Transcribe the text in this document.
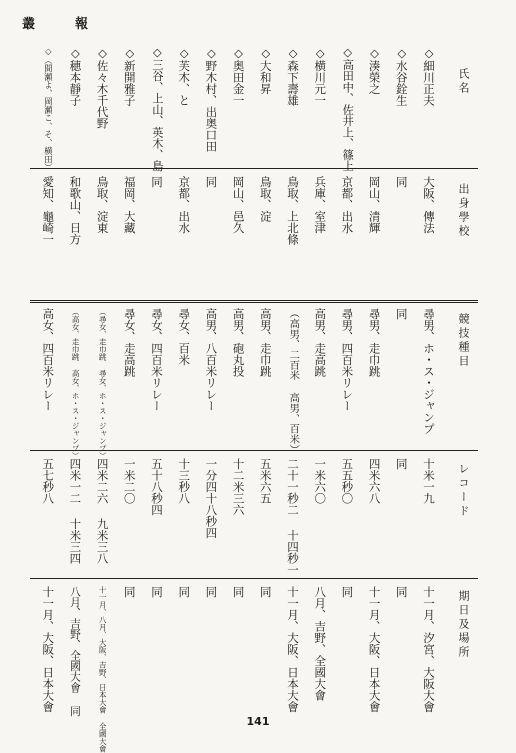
叢	報
氏名
出身學校
競技種目
レコード
期日及場所
◇細川正夫
大阪、傳法
尋男、ホ・ス・ジャンプ
十米一九
十一月、汐宮、大阪大會
◇水谷銓生
同
同
同
同
◇湊榮之
岡山、清輝
尋男、走巾跳
四米六八
十一月、大阪、日本大會
◇高田中、佐井上、篠上
京都、出水
尋男、四百米リレー
五五秒〇
同
◇横川元一
兵庫、室津
高男、走高跳
一米六〇
八月、吉野、全國大會
◇森下壽雄
鳥取、上北條
（高男、二百米 高男、百米）
二十一秒二 十四秒一
十一月、大阪、日本大會
◇大和昇
鳥取、淀
高男、走巾跳
五米六五
同
◇奥田金一
岡山、邑久
高男、砲丸投
十二米三六
同
◇野木村、出奥口田
同
高男、八百米リレー
一分四十八秒四
同
◇芙木、と
京都、出水
尋女、百米
十三秒八
同
◇三谷、上山、英木、島
同
尋女、四百米リレー
五十八秒四
同
◇新開雅子
福岡、大藏
尋女、走高跳
一米二〇
同
◇佐々木千代野
鳥取、淀東
（尋女、走巾跳 尋女、ホ・ス・ジャンプ）
四米二六 九米三八
十一月、八月、大阪、吉野、日本大會 全國大會
◇穂本靜子
和歌山、日方
（高女、走巾跳 高女、ホ・ス・ジャンプ）
四米一二 十米三四
八月、吉野、全國大會 同
◇（間瀬よ、岡瀬こ、そ、横田）
愛知、龜崎一
高女、四百米リレー
五七秒八
十一月、大阪、日本大會
141
